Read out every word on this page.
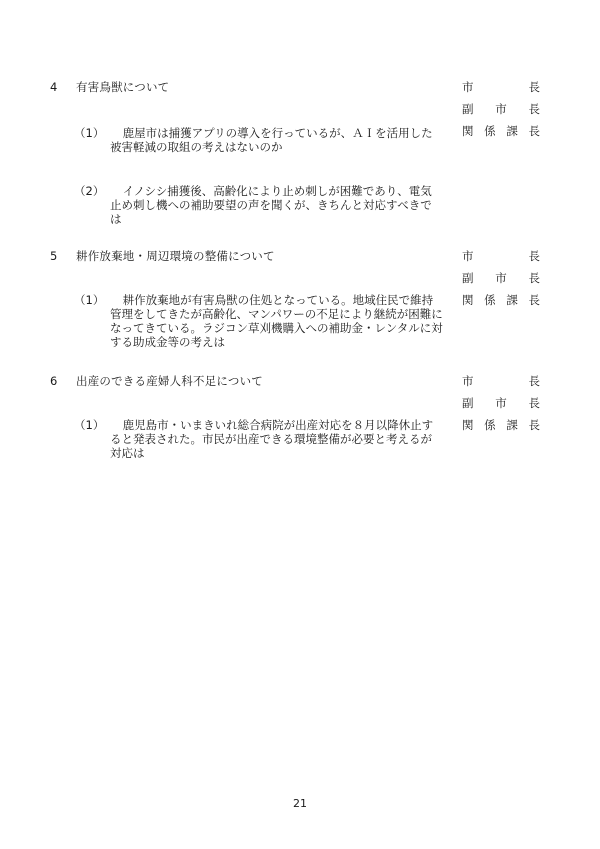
4 有害鳥獣について	市	長
副 市 長
関 係 課 長
（1）	鹿屋市は捕獲アプリの導入を行っているが、ＡＩを活用した被害軽減の取組の考えはないのか
（2）	イノシシ捕獲後、高齢化により止め刺しが困難であり、電気止め刺し機への補助要望の声を聞くが、きちんと対応すべきでは
5 耕作放棄地・周辺環境の整備について	市	長
副 市 長
関 係 課 長
（1）	耕作放棄地が有害鳥獣の住処となっている。地域住民で維持管理をしてきたが高齢化、マンパワーの不足により継続が困難になってきている。ラジコン草刈機購入への補助金・レンタルに対する助成金等の考えは
6 出産のできる産婦人科不足について	市	長
副 市 長
関 係 課 長
（1）	鹿児島市・いまきいれ総合病院が出産対応を８月以降休止すると発表された。市民が出産できる環境整備が必要と考えるが対応は
21
